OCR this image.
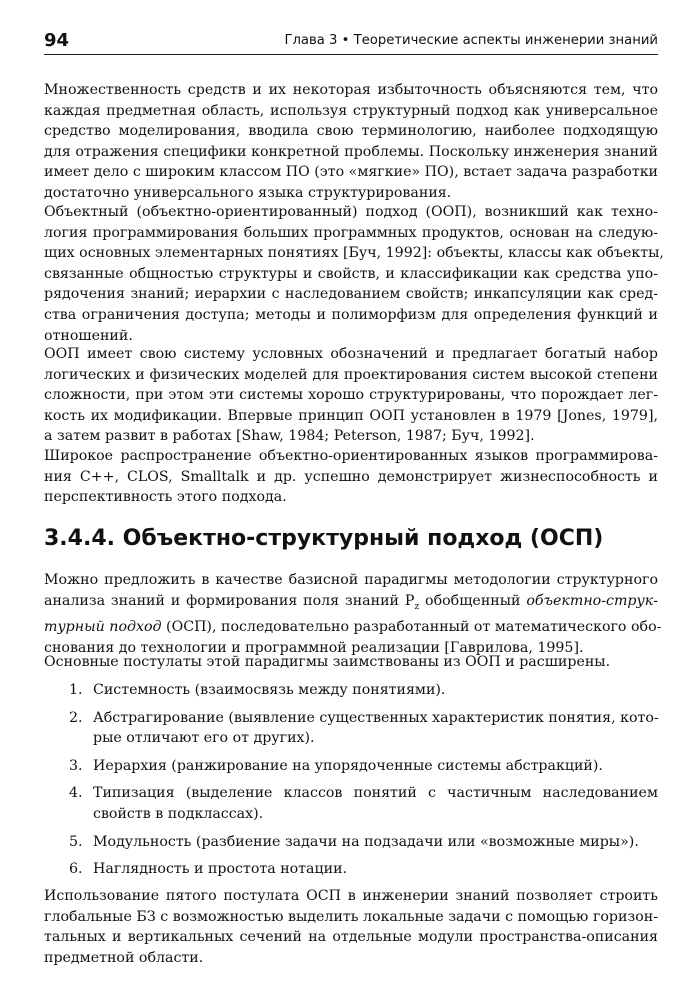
94	Глава 3 • Теоретические аспекты инженерии знаний
Множественность средств и их некоторая избыточность объясняются тем, что
каждая предметная область, используя структурный подход как универсальное
средство моделирования, вводила свою терминологию, наиболее подходящую
для отражения специфики конкретной проблемы. Поскольку инженерия знаний
имеет дело с широким классом ПО (это «мягкие» ПО), встает задача разработки
достаточно универсального языка структурирования.
Объектный (объектно-ориентированный) подход (ООП), возникший как техно-
логия программирования больших программных продуктов, основан на следую-
щих основных элементарных понятиях [Буч, 1992]: объекты, классы как объекты,
связанные общностью структуры и свойств, и классификации как средства упо-
рядочения знаний; иерархии с наследованием свойств; инкапсуляции как сред-
ства ограничения доступа; методы и полиморфизм для определения функций и
отношений.
ООП имеет свою систему условных обозначений и предлагает богатый набор
логических и физических моделей для проектирования систем высокой степени
сложности, при этом эти системы хорошо структурированы, что порождает лег-
кость их модификации. Впервые принцип ООП установлен в 1979 [Jones, 1979],
а затем развит в работах [Shaw, 1984; Peterson, 1987; Буч, 1992].
Широкое распространение объектно-ориентированных языков программирова-
ния С++, CLOS, Smalltalk и др. успешно демонстрирует жизнеспособность и
перспективность этого подхода.
3.4.4. Объектно-структурный подход (ОСП)
Можно предложить в качестве базисной парадигмы методологии структурного
анализа знаний и формирования поля знаний $P_z$ обобщенный объектно-струк-
турный подход (ОСП), последовательно разработанный от математического обо-
снования до технологии и программной реализации [Гаврилова, 1995].
Основные постулаты этой парадигмы заимствованы из ООП и расширены.
1. Системность (взаимосвязь между понятиями).
2. Абстрагирование (выявление существенных характеристик понятия, кото-
рые отличают его от других).
3. Иерархия (ранжирование на упорядоченные системы абстракций).
4. Типизация (выделение классов понятий с частичным наследованием
свойств в подклассах).
5. Модульность (разбиение задачи на подзадачи или «возможные миры»).
6. Наглядность и простота нотации.
Использование пятого постулата ОСП в инженерии знаний позволяет строить
глобальные БЗ с возможностью выделить локальные задачи с помощью горизон-
тальных и вертикальных сечений на отдельные модули пространства-описания
предметной области.
